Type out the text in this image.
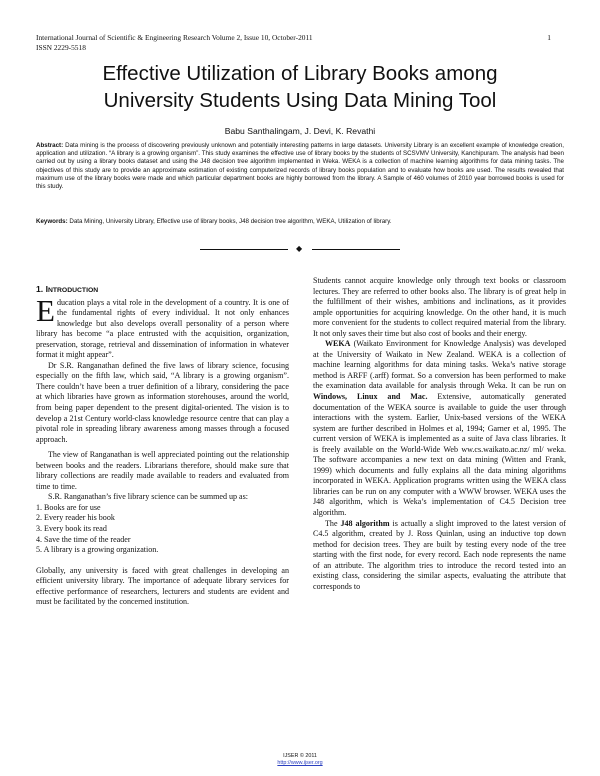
International Journal of Scientific & Engineering Research Volume 2, Issue 10, October-2011
ISSN 2229-5518
1
Effective Utilization of Library Books among
University Students Using Data Mining Tool
Babu Santhalingam, J. Devi, K. Revathi
Abstract: Data mining is the process of discovering previously unknown and potentially interesting patterns in large datasets. University Library is an excellent example of knowledge creation, application and utilization. “A library is a growing organism”. This study examines the effective use of library books by the students of SCSVMV University, Kanchipuram. The analysis had been carried out by using a library books dataset and using the J48 decision tree algorithm implemented in Weka. WEKA is a collection of machine learning algorithms for data mining tasks. The objectives of this study are to provide an approximate estimation of existing computerized records of library books population and to evaluate how books are used. The results revealed that maximum use of the library books were made and which particular department books are highly borrowed from the library. A Sample of 460 volumes of 2010 year borrowed books is used for this study.
Keywords: Data Mining, University Library, Effective use of library books, J48 decision tree algorithm, WEKA, Utilization of library.
◆
1. INTRODUCTION

Education plays a vital role in the development of a country. It is one of the fundamental rights of every individual. It not only enhances knowledge but also develops overall personality of a person where library has become “a place entrusted with the acquisition, organization, preservation, storage, retrieval and dissemination of information in whatever format it might appear”.

Dr S.R. Ranganathan defined the five laws of library science, focusing especially on the fifth law, which said, “A library is a growing organism”. There couldn’t have been a truer definition of a library, considering the pace at which libraries have grown as information storehouses, around the world, from being paper dependent to the present digital-oriented. The vision is to develop a 21st Century world-class knowledge resource centre that can play a pivotal role in spreading library awareness among masses through a focused approach.

The view of Ranganathan is well appreciated pointing out the relationship between books and the readers. Librarians therefore, should make sure that library collections are readily made available to readers and evaluated from time to time.

S.R. Ranganathan’s five library science can be summed up as:

1. Books are for use

2. Every reader his book

3. Every book its read

4. Save the time of the reader

5. A library is a growing organization.

Globally, any university is faced with great challenges in developing an efficient university library. The importance of adequate library services for effective performance of researchers, lecturers and students are evident and must be facilitated by the concerned institution.

Students cannot acquire knowledge only through text books or classroom lectures. They are referred to other books also. The library is of great help in the fulfillment of their wishes, ambitions and inclinations, as it provides ample opportunities for acquiring knowledge. On the other hand, it is much more convenient for the students to collect required material from the library. It not only saves their time but also cost of books and their energy.

WEKA (Waikato Environment for Knowledge Analysis) was developed at the University of Waikato in New Zealand. WEKA is a collection of machine learning algorithms for data mining tasks. Weka’s native storage method is ARFF (.arff) format. So a conversion has been performed to make the examination data available for analysis through Weka. It can be run on Windows, Linux and Mac. Extensive, automatically generated documentation of the WEKA source is available to guide the user through interactions with the system. Earlier, Unix-based versions of the WEKA system are further described in Holmes et al, 1994; Garner et al, 1995. The current version of WEKA is implemented as a suite of Java class libraries. It is freely available on the World-Wide Web ww.cs.waikato.ac.nz/ ml/ weka. The software accompanies a new text on data mining (Witten and Frank, 1999) which documents and fully explains all the data mining algorithms incorporated in WEKA. Application programs written using the WEKA class libraries can be run on any computer with a WWW browser. WEKA uses the J48 algorithm, which is Weka’s implementation of C4.5 Decision tree algorithm.

The J48 algorithm is actually a slight improved to the latest version of C4.5 algorithm, created by J. Ross Quinlan, using an inductive top down method for decision trees. They are built by testing every node of the tree starting with the first node, for every record. Each node represents the name of an attribute. The algorithm tries to introduce the record tested into an existing class, considering the similar aspects, evaluating the attribute that corresponds to

IJSER © 2011
http://www.ijser.org
